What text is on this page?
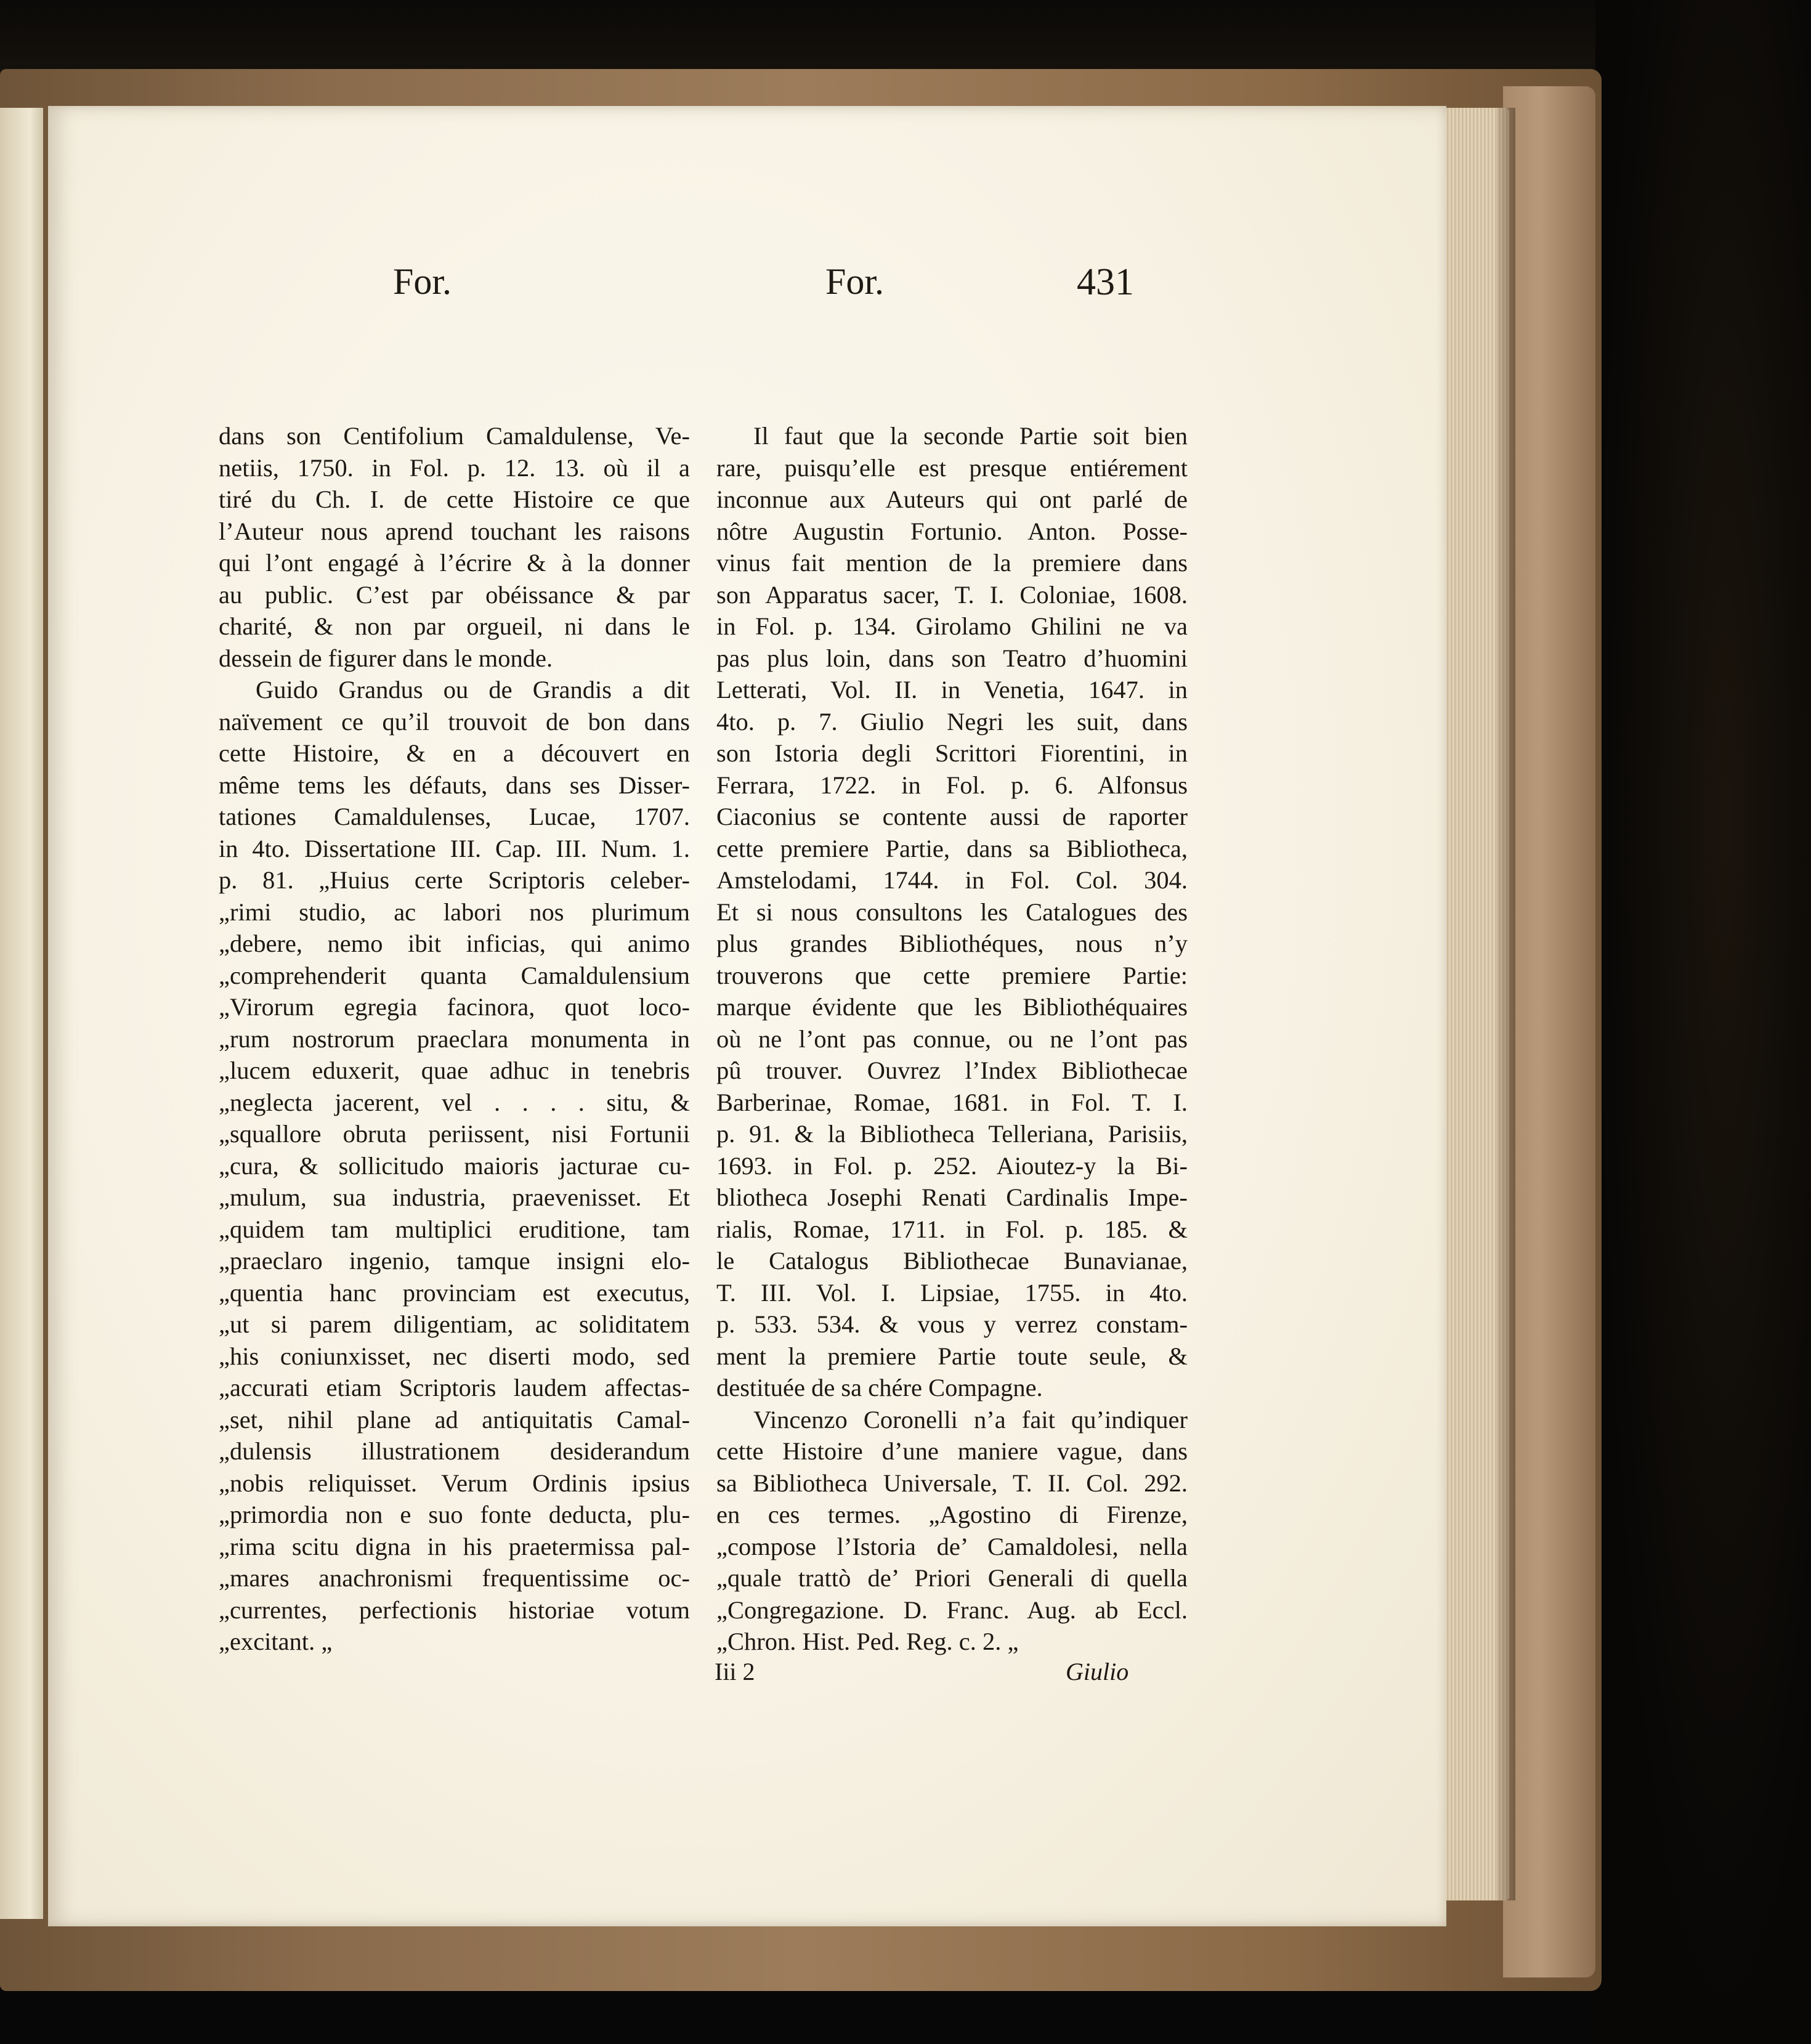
For.	For.	431
dans son Centifolium Camaldulense, Ve-
netiis, 1750. in Fol. p. 12. 13. où il a
tiré du Ch. I. de cette Histoire ce que
l’Auteur nous aprend touchant les raisons
qui l’ont engagé à l’écrire & à la donner
au public. C’est par obéissance & par
charité, & non par orgueil, ni dans le
dessein de figurer dans le monde.
Guido Grandus ou de Grandis a dit
naïvement ce qu’il trouvoit de bon dans
cette Histoire, & en a découvert en
même tems les défauts, dans ses Disser-
tationes Camaldulenses, Lucae, 1707.
in 4to. Dissertatione III. Cap. III. Num. 1.
p. 81. „Huius certe Scriptoris celeber-
„rimi studio, ac labori nos plurimum
„debere, nemo ibit inficias, qui animo
„comprehenderit quanta Camaldulensium
„Virorum egregia facinora, quot loco-
„rum nostrorum praeclara monumenta in
„lucem eduxerit, quae adhuc in tenebris
„neglecta jacerent, vel . . . . situ, &
„squallore obruta periissent, nisi Fortunii
„cura, & sollicitudo maioris jacturae cu-
„mulum, sua industria, praevenisset. Et
„quidem tam multiplici eruditione, tam
„praeclaro ingenio, tamque insigni elo-
„quentia hanc provinciam est executus,
„ut si parem diligentiam, ac soliditatem
„his coniunxisset, nec diserti modo, sed
„accurati etiam Scriptoris laudem affectas-
„set, nihil plane ad antiquitatis Camal-
„dulensis illustrationem desiderandum
„nobis reliquisset. Verum Ordinis ipsius
„primordia non e suo fonte deducta, plu-
„rima scitu digna in his praetermissa pal-
„mares anachronismi frequentissime oc-
„currentes, perfectionis historiae votum
„excitant. „
Il faut que la seconde Partie soit bien
rare, puisqu’elle est presque entiérement
inconnue aux Auteurs qui ont parlé de
nôtre Augustin Fortunio. Anton. Posse-
vinus fait mention de la premiere dans
son Apparatus sacer, T. I. Coloniae, 1608.
in Fol. p. 134. Girolamo Ghilini ne va
pas plus loin, dans son Teatro d’huomini
Letterati, Vol. II. in Venetia, 1647. in
4to. p. 7. Giulio Negri les suit, dans
son Istoria degli Scrittori Fiorentini, in
Ferrara, 1722. in Fol. p. 6. Alfonsus
Ciaconius se contente aussi de raporter
cette premiere Partie, dans sa Bibliotheca,
Amstelodami, 1744. in Fol. Col. 304.
Et si nous consultons les Catalogues des
plus grandes Bibliothéques, nous n’y
trouverons que cette premiere Partie:
marque évidente que les Bibliothéquaires
où ne l’ont pas connue, ou ne l’ont pas
pû trouver. Ouvrez l’Index Bibliothecae
Barberinae, Romae, 1681. in Fol. T. I.
p. 91. & la Bibliotheca Telleriana, Parisiis,
1693. in Fol. p. 252. Aioutez-y la Bi-
bliotheca Josephi Renati Cardinalis Impe-
rialis, Romae, 1711. in Fol. p. 185. &
le Catalogus Bibliothecae Bunavianae,
T. III. Vol. I. Lipsiae, 1755. in 4to.
p. 533. 534. & vous y verrez constam-
ment la premiere Partie toute seule, &
destituée de sa chére Compagne.
Vincenzo Coronelli n’a fait qu’indiquer
cette Histoire d’une maniere vague, dans
sa Bibliotheca Universale, T. II. Col. 292.
en ces termes. „Agostino di Firenze,
„compose l’Istoria de’ Camaldolesi, nella
„quale trattò de’ Priori Generali di quella
„Congregazione. D. Franc. Aug. ab Eccl.
„Chron. Hist. Ped. Reg. c. 2. „
Iii 2	Giulio
